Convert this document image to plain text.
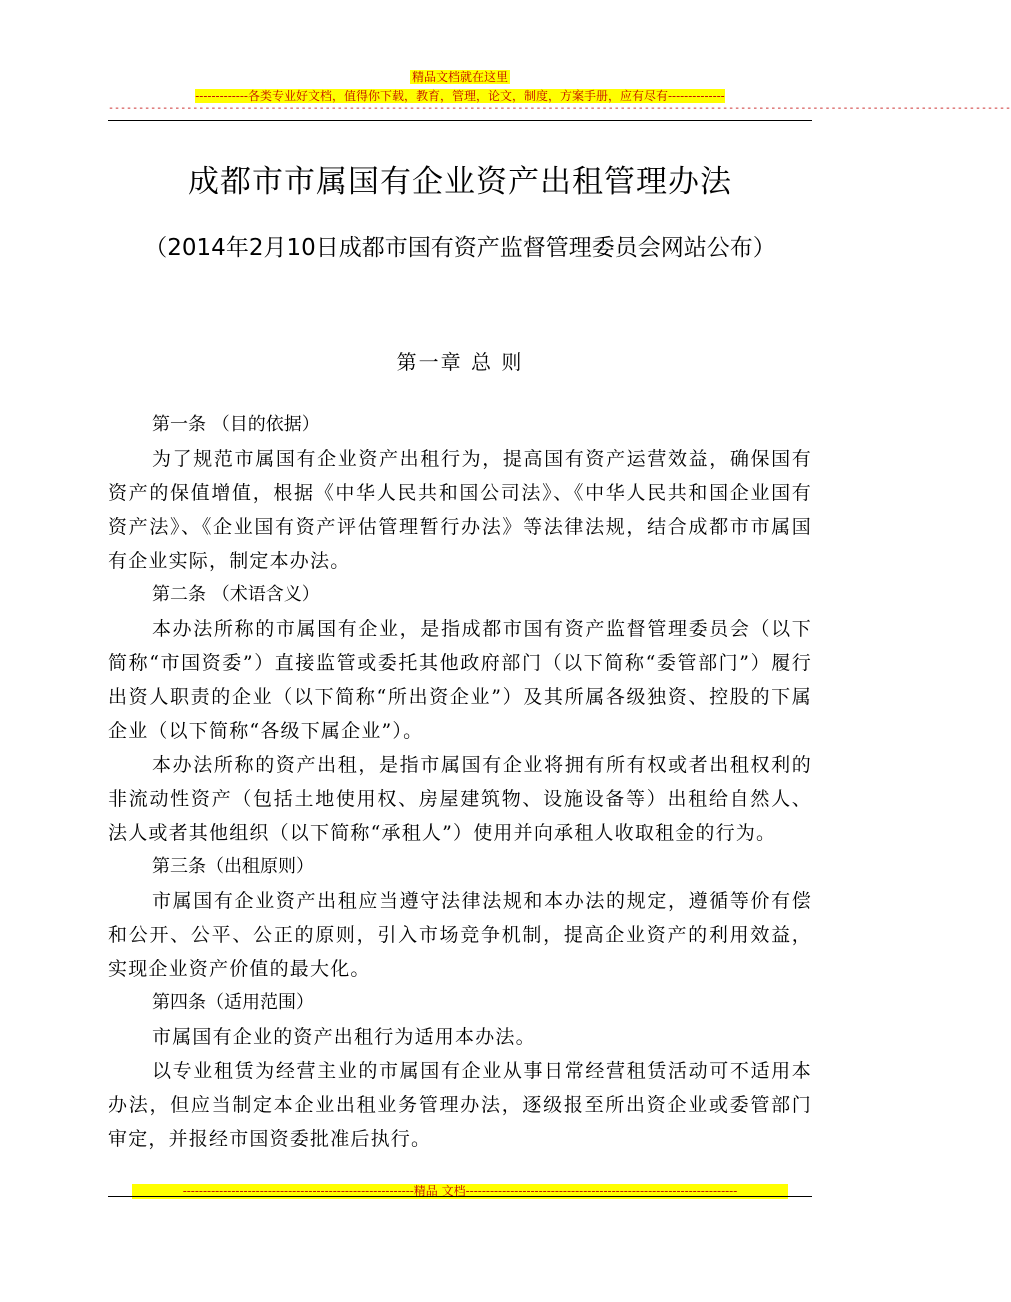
精品文档就在这里
-------------各类专业好文档，值得你下载，教育，管理，论文，制度，方案手册，应有尽有--------------
------------------------------------------------------------------------------------------------------------------------------------------------------
成都市市属国有企业资产出租管理办法
（2014年2月10日成都市国有资产监督管理委员会网站公布）
第一章 总 则

第一条 （目的依据）

为了规范市属国有企业资产出租行为，提高国有资产运营效益，确保国有资产的保值增值，根据《中华人民共和国公司法》、《中华人民共和国企业国有资产法》、《企业国有资产评估管理暂行办法》等法律法规，结合成都市市属国有企业实际，制定本办法。

第二条 （术语含义）

本办法所称的市属国有企业，是指成都市国有资产监督管理委员会（以下简称“市国资委”）直接监管或委托其他政府部门（以下简称“委管部门”）履行出资人职责的企业（以下简称“所出资企业”）及其所属各级独资、控股的下属企业（以下简称“各级下属企业”）。

本办法所称的资产出租，是指市属国有企业将拥有所有权或者出租权利的非流动性资产（包括土地使用权、房屋建筑物、设施设备等）出租给自然人、法人或者其他组织（以下简称“承租人”）使用并向承租人收取租金的行为。

第三条（出租原则）

市属国有企业资产出租应当遵守法律法规和本办法的规定，遵循等价有偿和公开、公平、公正的原则，引入市场竞争机制，提高企业资产的利用效益，实现企业资产价值的最大化。

第四条（适用范围）

市属国有企业的资产出租行为适用本办法。

以专业租赁为经营主业的市属国有企业从事日常经营租赁活动可不适用本办法，但应当制定本企业出租业务管理办法，逐级报至所出资企业或委管部门审定，并报经市国资委批准后执行。

---------------------------------------------------------精品 文档-------------------------------------------------------------------
